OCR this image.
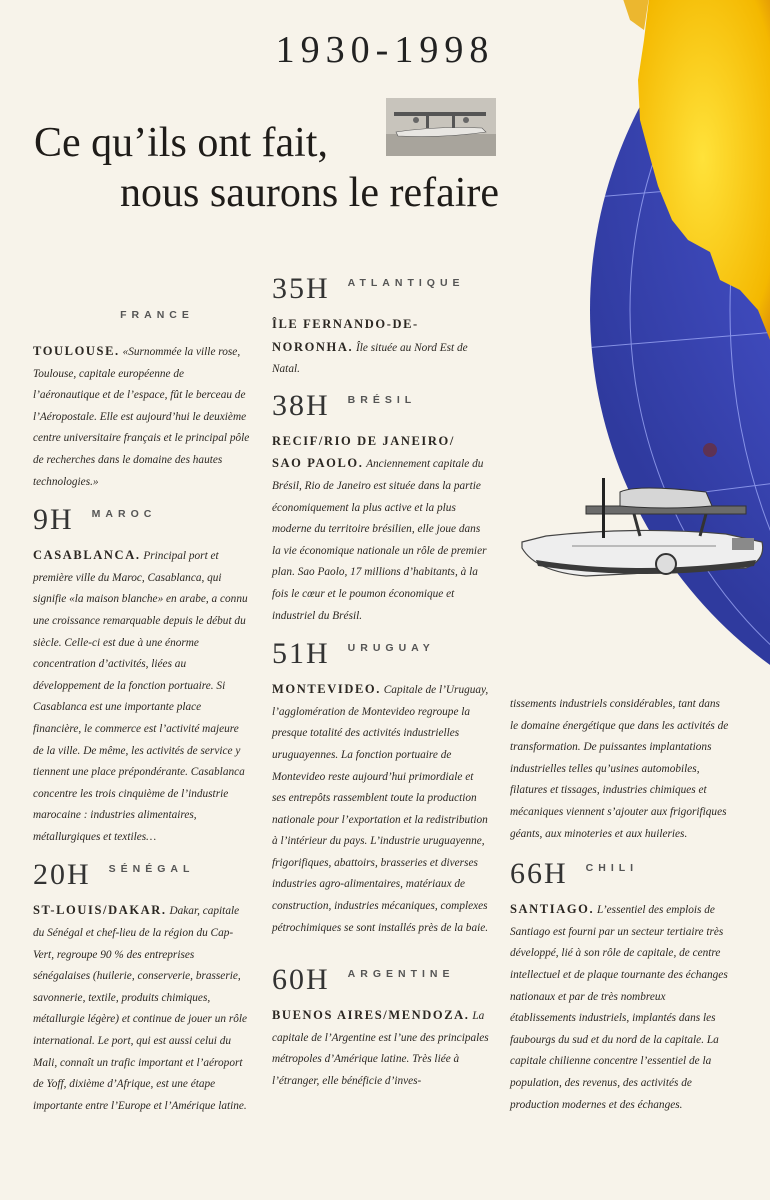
1930-1998
Ce qu’ils ont fait,
nous saurons le refaire
FRANCE
TOULOUSE. «Surnommée la ville rose, Toulouse, capitale européenne de l’aéronautique et de l’espace, fût le berceau de l’Aéropostale. Elle est aujourd’hui le deuxième centre universitaire français et le principal pôle de recherches dans le domaine des hautes technologies.»
9H MAROC
CASABLANCA. Principal port et première ville du Maroc, Casablanca, qui signifie «la maison blanche» en arabe, a connu une croissance remarquable depuis le début du siècle. Celle-ci est due à une énorme concentration d’activités, liées au développement de la fonction portuaire. Si Casablanca est une importante place financière, le commerce est l’activité majeure de la ville. De même, les activités de service y tiennent une place prépondérante. Casablanca concentre les trois cinquième de l’industrie marocaine : industries alimentaires, métallurgiques et textiles…
20H SÉNÉGAL
ST-LOUIS/DAKAR. Dakar, capitale du Sénégal et chef-lieu de la région du Cap-Vert, regroupe 90 % des entreprises sénégalaises (huilerie, conserverie, brasserie, savonnerie, textile, produits chimiques, métallurgie légère) et continue de jouer un rôle international. Le port, qui est aussi celui du Mali, connaît un trafic important et l’aéroport de Yoff, dixième d’Afrique, est une étape importante entre l’Europe et l’Amérique latine.
35H ATLANTIQUE
ÎLE FERNANDO-DE-NORONHA. Île située au Nord Est de Natal.
38H BRÉSIL
RECIF/RIO DE JANEIRO/ SAO PAOLO. Anciennement capitale du Brésil, Rio de Janeiro est située dans la partie économiquement la plus active et la plus moderne du territoire brésilien, elle joue dans la vie économique nationale un rôle de premier plan. Sao Paolo, 17 millions d’habitants, à la fois le cœur et le poumon économique et industriel du Brésil.
51H URUGUAY
MONTEVIDEO. Capitale de l’Uruguay, l’agglomération de Montevideo regroupe la presque totalité des activités industrielles uruguayennes. La fonction portuaire de Montevideo reste aujourd’hui primordiale et ses entrepôts rassemblent toute la production nationale pour l’exportation et la redistribution à l’intérieur du pays. L’industrie uruguayenne, frigorifiques, abattoirs, brasseries et diverses industries agro-alimentaires, matériaux de construction, industries mécaniques, complexes pétrochimiques se sont installés près de la baie.
60H ARGENTINE
BUENOS AIRES/MENDOZA. La capitale de l’Argentine est l’une des principales métropoles d’Amérique latine. Très liée à l’étranger, elle bénéficie d’inves-
tissements industriels considérables, tant dans le domaine énergétique que dans les activités de transformation. De puissantes implantations industrielles telles qu’usines automobiles, filatures et tissages, industries chimiques et mécaniques viennent s’ajouter aux frigorifiques géants, aux minoteries et aux huileries.
66H CHILI
SANTIAGO. L’essentiel des emplois de Santiago est fourni par un secteur tertiaire très développé, lié à son rôle de capitale, de centre intellectuel et de plaque tournante des échanges nationaux et par de très nombreux établissements industriels, implantés dans les faubourgs du sud et du nord de la capitale. La capitale chilienne concentre l’essentiel de la population, des revenus, des activités de production modernes et des échanges.
